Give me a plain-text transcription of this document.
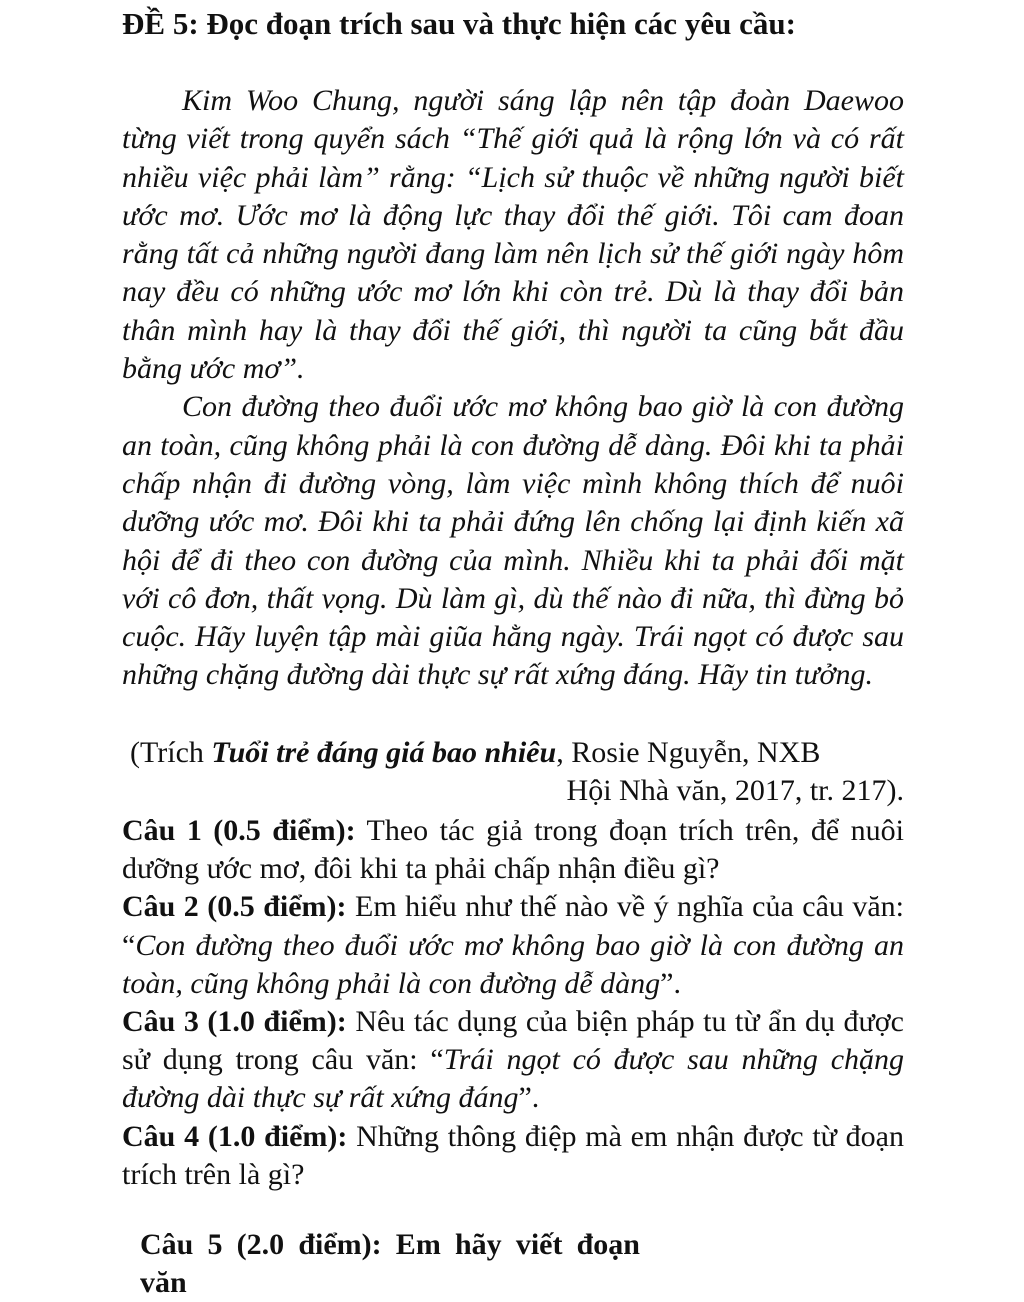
ĐỀ 5: Đọc đoạn trích sau và thực hiện các yêu cầu:

Kim Woo Chung, người sáng lập nên tập đoàn Daewoo từng viết trong quyển sách “Thế giới quả là rộng lớn và có rất nhiều việc phải làm” rằng: “Lịch sử thuộc về những người biết ước mơ. Ước mơ là động lực thay đổi thế giới. Tôi cam đoan rằng tất cả những người đang làm nên lịch sử thế giới ngày hôm nay đều có những ước mơ lớn khi còn trẻ. Dù là thay đổi bản thân mình hay là thay đổi thế giới, thì người ta cũng bắt đầu bằng ước mơ”.

Con đường theo đuổi ước mơ không bao giờ là con đường an toàn, cũng không phải là con đường dễ dàng. Đôi khi ta phải chấp nhận đi đường vòng, làm việc mình không thích để nuôi dưỡng ước mơ. Đôi khi ta phải đứng lên chống lại định kiến xã hội để đi theo con đường của mình. Nhiều khi ta phải đối mặt với cô đơn, thất vọng. Dù làm gì, dù thế nào đi nữa, thì đừng bỏ cuộc. Hãy luyện tập mài giũa hằng ngày. Trái ngọt có được sau những chặng đường dài thực sự rất xứng đáng. Hãy tin tưởng.

(Trích Tuổi trẻ đáng giá bao nhiêu, Rosie Nguyễn, NXB
Hội Nhà văn, 2017, tr. 217).

Câu 1 (0.5 điểm): Theo tác giả trong đoạn trích trên, để nuôi dưỡng ước mơ, đôi khi ta phải chấp nhận điều gì?

Câu 2 (0.5 điểm): Em hiểu như thế nào về ý nghĩa của câu văn: “Con đường theo đuổi ước mơ không bao giờ là con đường an toàn, cũng không phải là con đường dễ dàng”.

Câu 3 (1.0 điểm): Nêu tác dụng của biện pháp tu từ ẩn dụ được sử dụng trong câu văn: “Trái ngọt có được sau những chặng đường dài thực sự rất xứng đáng”.

Câu 4 (1.0 điểm): Những thông điệp mà em nhận được từ đoạn trích trên là gì?

Câu 5 (2.0 điểm): Em hãy viết đoạn văn
